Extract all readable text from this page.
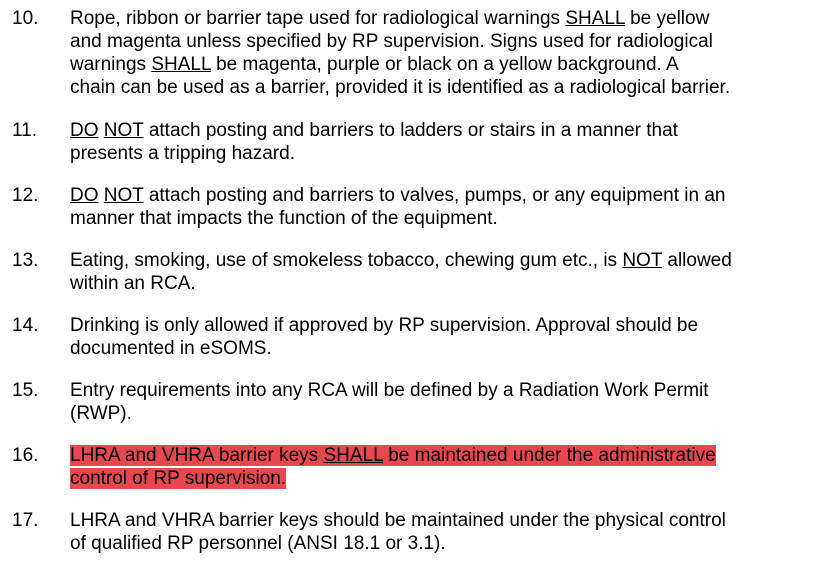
10. Rope, ribbon or barrier tape used for radiological warnings SHALL be yellow
and magenta unless specified by RP supervision. Signs used for radiological
warnings SHALL be magenta, purple or black on a yellow background. A
chain can be used as a barrier, provided it is identified as a radiological barrier.
11. DO NOT attach posting and barriers to ladders or stairs in a manner that
presents a tripping hazard.
12. DO NOT attach posting and barriers to valves, pumps, or any equipment in an
manner that impacts the function of the equipment.
13. Eating, smoking, use of smokeless tobacco, chewing gum etc., is NOT allowed
within an RCA.
14. Drinking is only allowed if approved by RP supervision. Approval should be
documented in eSOMS.
15. Entry requirements into any RCA will be defined by a Radiation Work Permit
(RWP).
16. LHRA and VHRA barrier keys SHALL be maintained under the administrative
control of RP supervision.
17. LHRA and VHRA barrier keys should be maintained under the physical control
of qualified RP personnel (ANSI 18.1 or 3.1).
